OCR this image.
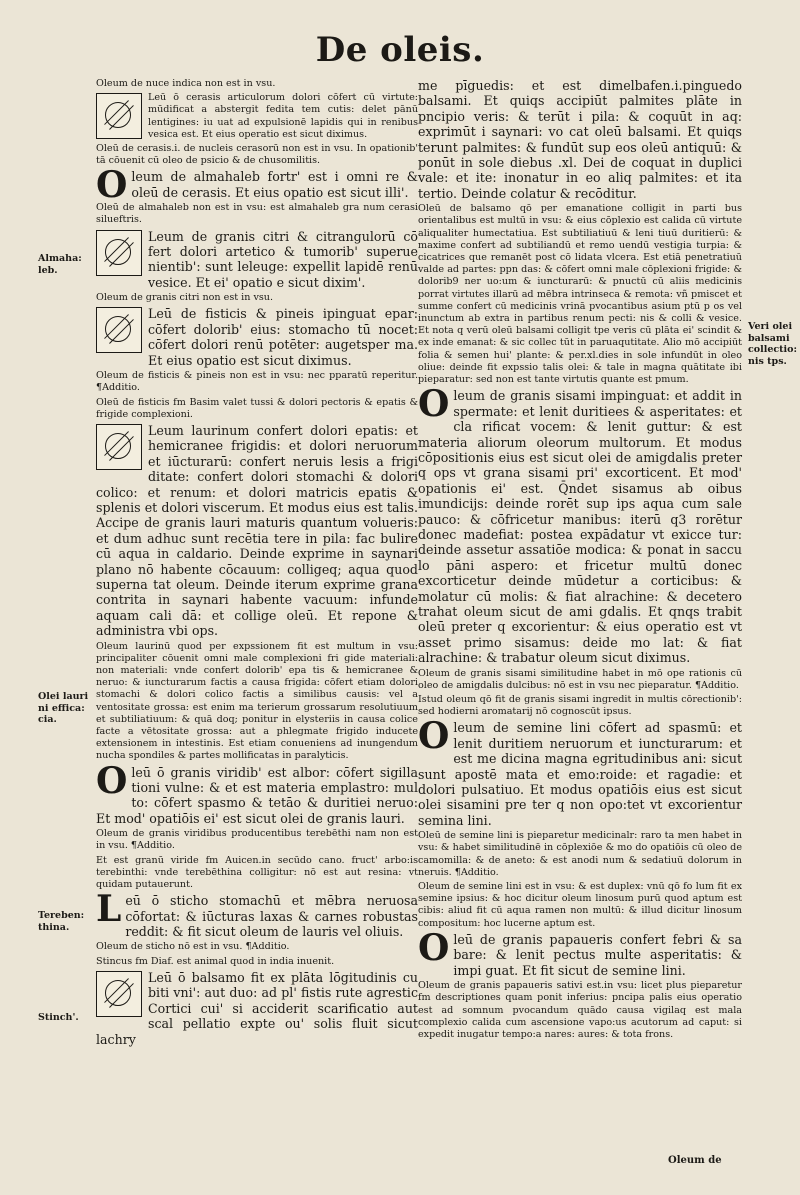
De oleis.
Oleum de nuce indica non est in vsu.
Leū ō cerasis articulorum dolori cōfert cū virtute: mūdificat a abstergit fedita tem cutis: delet pānū lentigines: iu uat ad expulsionē lapidis qui in renibus vesica est. Et eius operatio est sicut diximus.
Oleū de cerasis.i. de nucleis cerasorū non est in vsu. In opationib' tā cōuenit cū oleo de psicio & de chusomilitis.
Oleum de almahaleb fortr' est i omni re & oleū de cerasis. Et eius opatio est sicut illi'.
Oleū de almahaleb non est in vsu: est almahaleb gra num cerasi silueftris.
Leum de granis citri & citrangulorū cō fert dolori artetico & tumorib' superue nientib': sunt leleuge: expellit lapidē renū vesice. Et ei' opatio e sicut dixim'.
Oleum de granis citri non est in vsu.
Leū de fisticis & pineis ipinguat epar: cōfert dolorib' eius: stomacho tū nocet: cōfert dolori renū potēter: augetsper ma. Et eius opatio est sicut diximus.
Oleum de fisticis & pineis non est in vsu: nec pparatū reperitur. ¶Additio.
Oleū de fisticis fm Basim valet tussi & dolori pectoris & epatis & frigide complexioni.
Leum laurinum confert dolori epatis: et hemicranee frigidis: et dolori neruorum et iūcturarū: confert neruis lesis a frigi ditate: confert dolori stomachi & dolori colico: et renum: et dolori matricis epatis & splenis et dolori viscerum. Et modus eius est talis. Accipe de granis lauri maturis quantum volueris: et dum adhuc sunt recētia tere in pila: fac bulire cū aqua in caldario. Deinde exprime in saynari plano nō habente cōcauum: colligeq; aqua quod superna tat oleum. Deinde iterum exprime grana contrita in saynari habente vacuum: infunde aquam cali dā: et collige oleū. Et repone & administra vbi ops.
Oleum laurinū quod per expssionem fit est multum in vsu: principaliter cōuenit omni male complexioni fri gide materiali: non materiali: vnde confert dolorib' epa tis & hemicranee & neruo: & iuncturarum factis a causa frigida: cōfert etiam dolori stomachi & dolori colico factis a similibus causis: vel a ventositate grossa: est enim ma terierum grossarum resolutiuum et subtiliatiuum: & quā doq; ponitur in elysteriis in causa colice facte a vētositate grossa: aut a phlegmate frigido inducete extensionem in intestinis. Est etiam conueniens ad inungendum nucha spondiles & partes mollificatas in paralyticis.
Oleū ō granis viridib' est albor: cōfert sigilla tioni vulne: & et est materia emplastro: mul to: cōfert spasmo & tetāo & duritiei neruo: Et mod' opatiōis ei' est sicut olei de granis lauri.
Oleum de granis viridibus producentibus terebēthi nam non est in vsu. ¶Additio.
Et est granū viride fm Auicen.in secūdo cano. fruct' arbo:is terebinthi: vnde terebēthina colligitur: nō est aut resina: vt quidam putauerunt.
Leū ō sticho stomachū et mēbra neruosa cōfortat: & iūcturas laxas & carnes robustas reddit: & fit sicut oleum de lauris vel oliuis.
Oleum de sticho nō est in vsu. ¶Additio.
Stincus fm Diaf. est animal quod in india inuenit.
Leū ō balsamo fit ex plāta lōgitudinis cu biti vni': aut duo: ad pl' fistis rute agrestic Cortici cui' si acciderit scarificatio aut scal pellatio expte ou' solis fluit sicut lachry
me pīguedis: et est dimelbafen.i.pinguedo balsami. Et quiqs accipiūt palmites plāte in pncipio veris: & terūt i pila: & coquūt in aq: exprimūt i saynari: vo cat oleū balsami. Et quiqs terunt palmites: & fundūt sup eos oleū antiquū: & ponūt in sole diebus .xl. Dei de coquat in duplici vale: et ite: inonatur in eo aliq palmites: et ita tertio. Deinde colatur & recōditur.
Oleū de balsamo qō per emanatione colligit in parti bus orientalibus est multū in vsu: & eius cōplexio est calida cū virtute aliqualiter humectatiua. Est subtiliatiuū & leni tiuū duritierū: & maxime confert ad subtiliandū et remo uendū vestigia turpia: & cicatrices que remanēt post cō lidata vlcera. Est etiā penetratiuū valde ad partes: ppn das: & cōfert omni male cōplexioni frigide: & dolorib9 ner uo:um & iuncturarū: & pnuctū cū aliis medicinis porrat virtutes illarū ad mēbra intrinseca & remota: vñ pmiscet et summe confert cū medicinis vrinā pvocantibus asium ptū p os vel inunctum ab extra in partibus renum pecti: nis & colli & vesice. Et nota q verū oleū balsami colligit tpe veris cū plāta ei' scindit & ex inde emanat: & sic collec tūt in paruaqutitate. Alio mō accipiūt folia & semen hui' plante: & per.xl.dies in sole infundūt in oleo oliue: deinde fit expssio talis olei: & tale in magna quātitate ibi pieparatur: sed non est tante virtutis quante est pmum.
Oleum de granis sisami impinguat: et addit in spermate: et lenit duritiees & asperitates: et cla rificat vocem: & lenit guttur: & est materia aliorum oleorum multorum. Et modus cōpositionis eius est sicut olei de amigdalis preter q ops vt grana sisami pri' excorticent. Et mod' opationis ei' est. Q̄ndet sisamus ab oibus imundicijs: deinde rorēt sup ips aqua cum sale pauco: & cōfricetur manibus: iterū q3 rorētur donec madefiat: postea expādatur vt exicce tur: deinde assetur assatiōe modica: & ponat in saccu lo pāni aspero: et fricetur multū donec excorticetur deinde mūdetur a corticibus: & molatur cū molis: & fiat alrachine: & decetero trahat oleum sicut de ami gdalis. Et qnqs trabit oleū preter q excorientur: & eius operatio est vt asset primo sisamus: deide mo lat: & fiat alrachine: & trabatur oleum sicut diximus.
Oleum de granis sisami similitudine habet in mō ope rationis cū oleo de amigdalis dulcibus: nō est in vsu nec pieparatur. ¶Additio.
Istud oleum qō fit de granis sisami ingredit in multis cōrectionib': sed hodierni aromatarij nō cognoscūt ipsus.
Oleum de semine lini cōfert ad spasmū: et lenit duritiem neruorum et iuncturarum: et est me dicina magna egritudinibus ani: sicut sunt apostē mata et emo:roide: et ragadie: et dolori pulsatiuo. Et modus opatiōis eius est sicut olei sisamini pre ter q non opo:tet vt excorientur semina lini.
Oleū de semine lini is pieparetur medicinalr: raro ta men habet in vsu: & habet similitudinē in cōplexiōe & mo do opatiōis cū oleo de camomilla: & de aneto: & est anodi num & sedatiuū dolorum in neruis. ¶Additio.
Oleum de semine lini est in vsu: & est duplex: vnū qō fo lum fit ex semine ipsius: & hoc dicitur oleum linosum purū quod aptum est cibis: aliud fit cū aqua ramen non multū: & illud dicitur linosum compositum: hoc lucerne aptum est.
Oleū de granis papaueris confert febri & sa bare: & lenit pectus multe asperitatis: & impi guat. Et fit sicut de semine lini.
Oleum de granis papaueris sativi est.in vsu: licet plus pieparetur fm descriptiones quam ponit inferius: pncipa palis eius operatio est ad somnum pvocandum quādo causa vigilaq est mala complexio calida cum ascensione vapo:us acutorum ad caput: si expedit inugatur tempo:a nares: aures: & tota frons.
Almaha: leb.
Olei lauri ni effica: cia.
Tereben: thina.
Stinch'.
Veri olei balsami collectio: nis tps.
Oleum de
